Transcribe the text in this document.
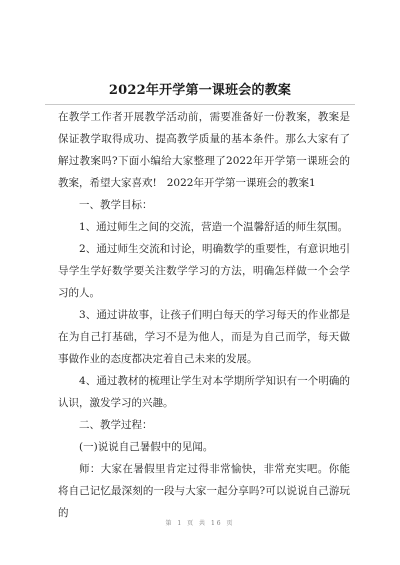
2022年开学第一课班会的教案

在教学工作者开展教学活动前，需要准备好一份教案，教案是保证教学取得成功、提高教学质量的基本条件。那么大家有了解过教案吗?下面小编给大家整理了2022年开学第一课班会的教案，希望大家喜欢! 2022年开学第一课班会的教案1

一、教学目标：

1、通过师生之间的交流，营造一个温馨舒适的师生氛围。

2、通过师生交流和讨论，明确数学的重要性，有意识地引导学生学好数学要关注数学学习的方法，明确怎样做一个会学习的人。

3、通过讲故事，让孩子们明白每天的学习每天的作业都是在为自己打基础，学习不是为他人，而是为自己而学，每天做事做作业的态度都决定着自己未来的发展。

4、通过教材的梳理让学生对本学期所学知识有一个明确的认识，激发学习的兴趣。

二、教学过程：

(一)说说自己暑假中的见闻。

师：大家在暑假里肯定过得非常愉快，非常充实吧。你能将自己记忆最深刻的一段与大家一起分享吗?可以说说自己游玩的

第 1 页 共 16 页
